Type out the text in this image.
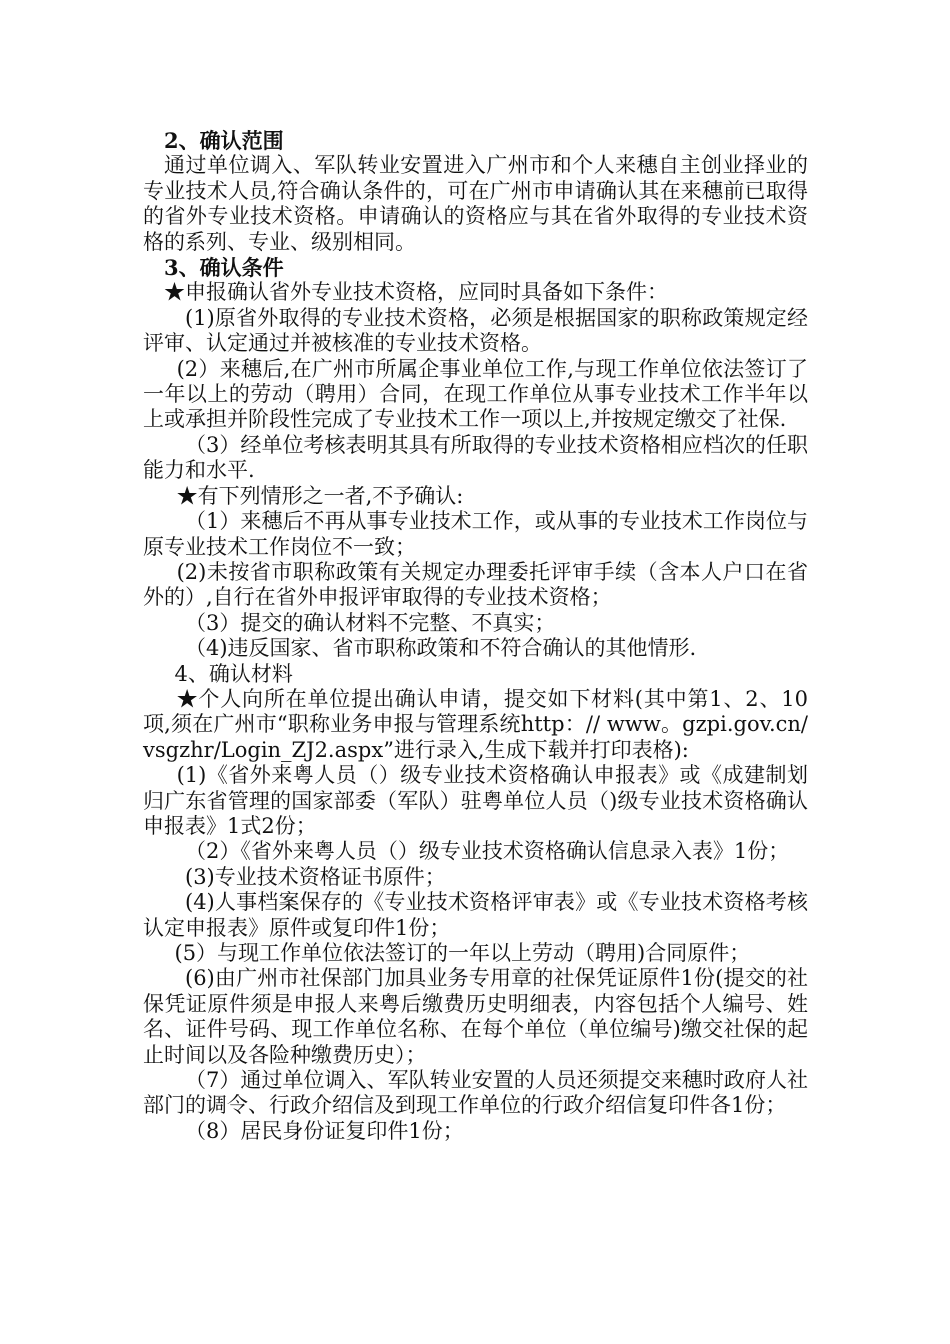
2、确认范围

通过单位调入、军队转业安置进入广州市和个人来穗自主创业择业的专业技术人员,符合确认条件的，可在广州市申请确认其在来穗前已取得的省外专业技术资格。申请确认的资格应与其在省外取得的专业技术资格的系列、专业、级别相同。

3、确认条件

★申报确认省外专业技术资格，应同时具备如下条件：

(1)原省外取得的专业技术资格，必须是根据国家的职称政策规定经评审、认定通过并被核准的专业技术资格。

(2）来穗后,在广州市所属企事业单位工作,与现工作单位依法签订了一年以上的劳动（聘用）合同，在现工作单位从事专业技术工作半年以上或承担并阶段性完成了专业技术工作一项以上,并按规定缴交了社保.

（3）经单位考核表明其具有所取得的专业技术资格相应档次的任职能力和水平.

★有下列情形之一者,不予确认:

（1）来穗后不再从事专业技术工作，或从事的专业技术工作岗位与原专业技术工作岗位不一致；

(2)未按省市职称政策有关规定办理委托评审手续（含本人户口在省外的）,自行在省外申报评审取得的专业技术资格；

（3）提交的确认材料不完整、不真实；

（4)违反国家、省市职称政策和不符合确认的其他情形.

4、确认材料

★个人向所在单位提出确认申请，提交如下材料(其中第1、2、10项,须在广州市“职称业务申报与管理系统http：// www。gzpi.gov.cn/vsgzhr/Login_ZJ2.aspx”进行录入,生成下载并打印表格):

(1)《省外来粤人员（）级专业技术资格确认申报表》或《成建制划归广东省管理的国家部委（军队）驻粤单位人员（)级专业技术资格确认申报表》1式2份；

（2）《省外来粤人员（）级专业技术资格确认信息录入表》1份；

(3)专业技术资格证书原件；

(4)人事档案保存的《专业技术资格评审表》或《专业技术资格考核认定申报表》原件或复印件1份；

(5）与现工作单位依法签订的一年以上劳动（聘用)合同原件；

(6)由广州市社保部门加具业务专用章的社保凭证原件1份(提交的社保凭证原件须是申报人来粤后缴费历史明细表，内容包括个人编号、姓名、证件号码、现工作单位名称、在每个单位（单位编号)缴交社保的起止时间以及各险种缴费历史）；

（7）通过单位调入、军队转业安置的人员还须提交来穗时政府人社部门的调令、行政介绍信及到现工作单位的行政介绍信复印件各1份；

（8）居民身份证复印件1份；
